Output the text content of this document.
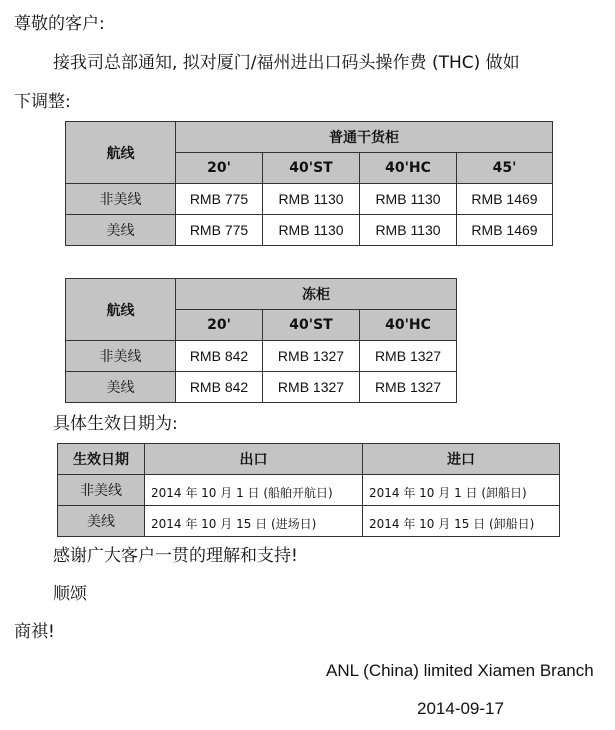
尊敬的客户:
接我司总部通知, 拟对厦门/福州进出口码头操作费 (THC) 做如
下调整:
航线	普通干货柜			
	20'	40'ST	40'HC	45'
非美线	RMB 775	RMB 1130	RMB 1130	RMB 1469
美线	RMB 775	RMB 1130	RMB 1130	RMB 1469
航线	冻柜		
	20'	40'ST	40'HC
非美线	RMB 842	RMB 1327	RMB 1327
美线	RMB 842	RMB 1327	RMB 1327
具体生效日期为:
生效日期	出口	进口
非美线	2014 年 10 月 1 日 (船舶开航日)	2014 年 10 月 1 日 (卸船日)
美线	2014 年 10 月 15 日 (进场日)	2014 年 10 月 15 日 (卸船日)
感谢广大客户一贯的理解和支持!
顺颂
商祺!
ANL (China) limited Xiamen Branch
2014-09-17
